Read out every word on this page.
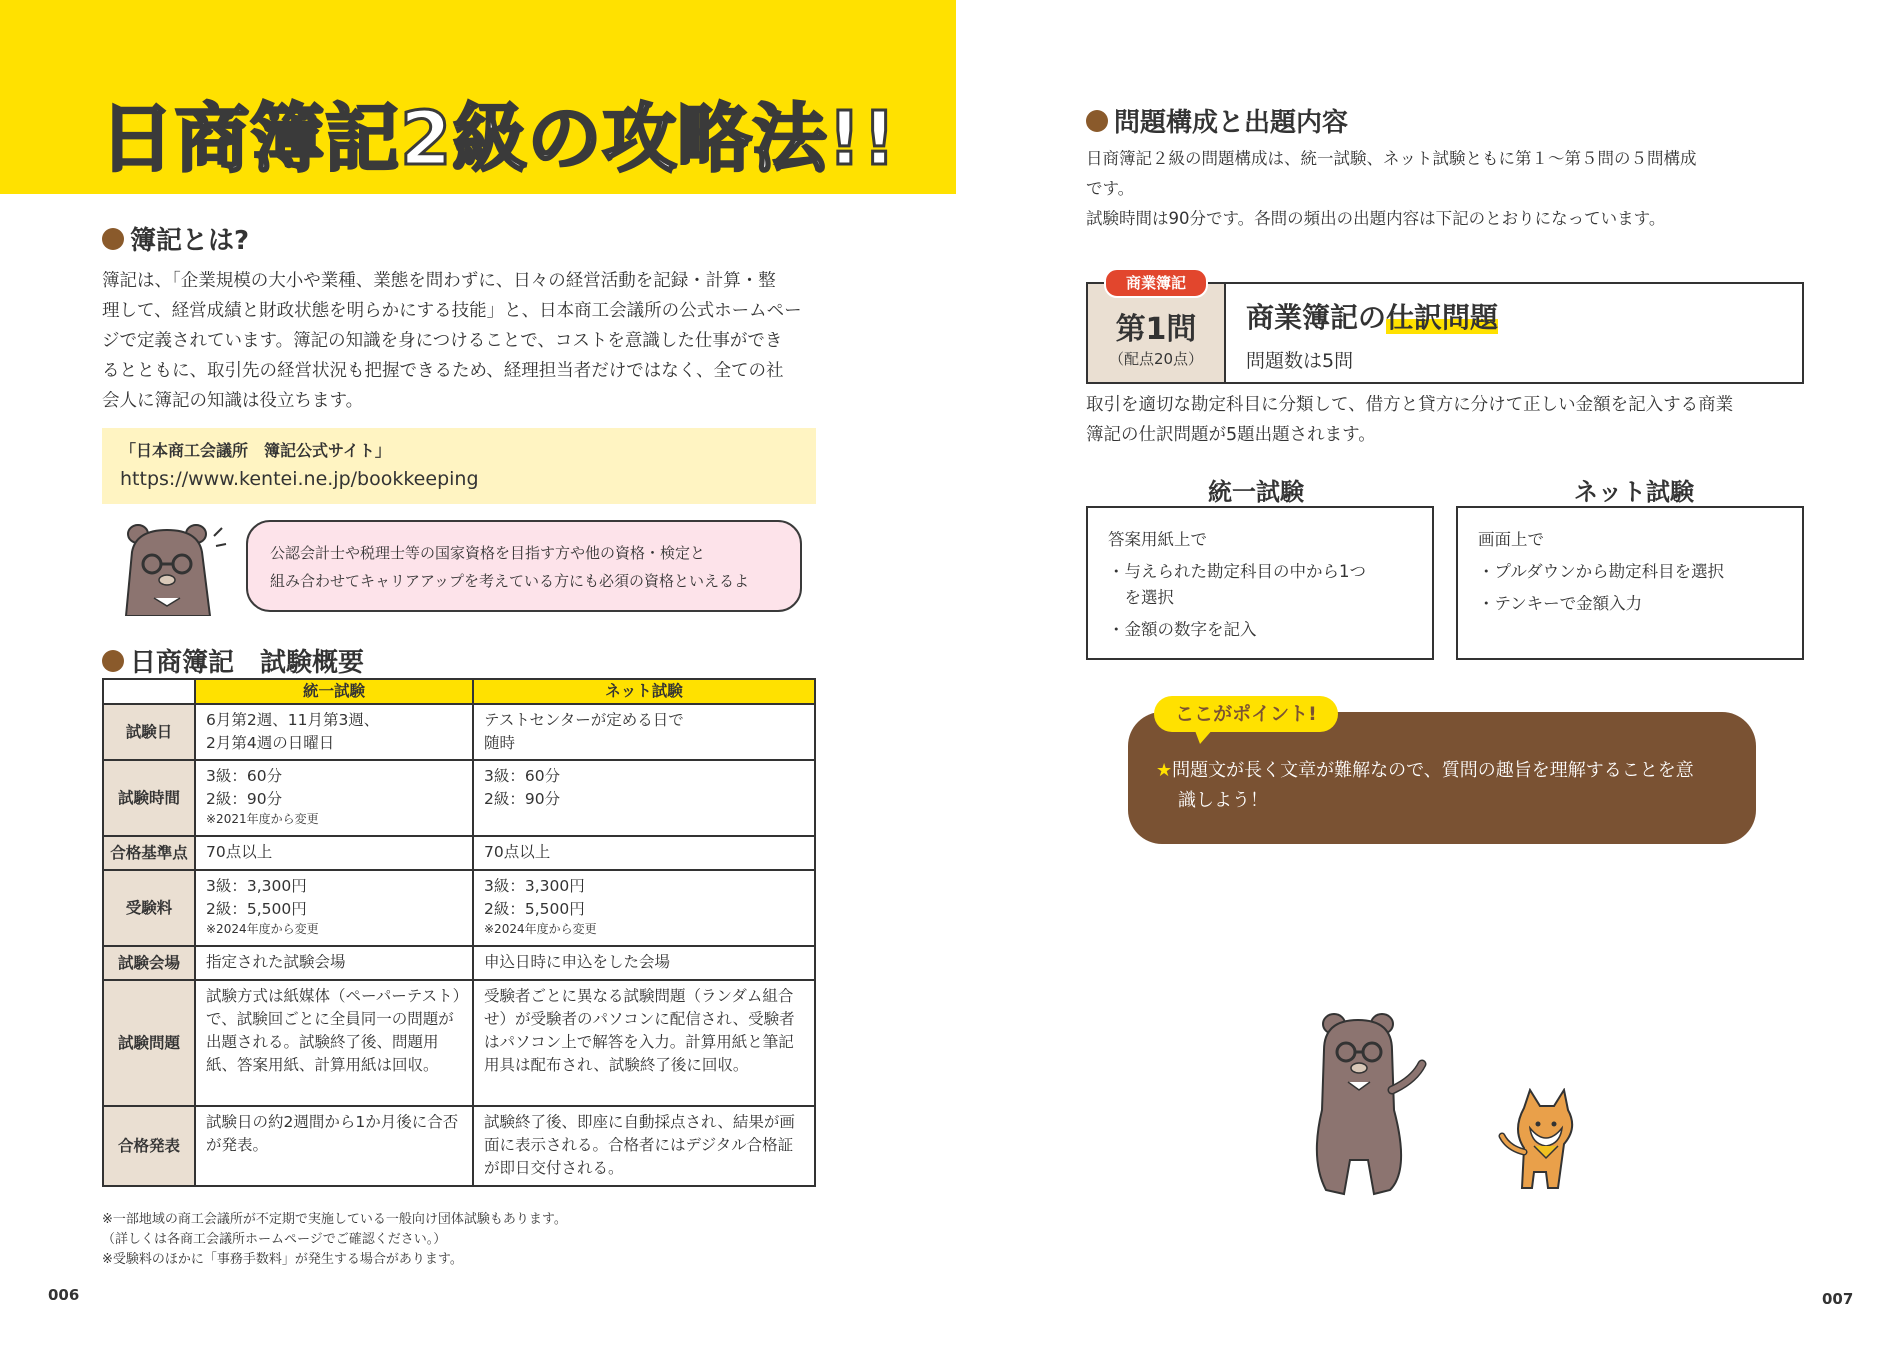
日商簿記2級の攻略法!!
簿記とは?
簿記は、「企業規模の大小や業種、業態を問わずに、日々の経営活動を記録・計算・整
理して、経営成績と財政状態を明らかにする技能」と、日本商工会議所の公式ホームペー
ジで定義されています。簿記の知識を身につけることで、コストを意識した仕事ができ
るとともに、取引先の経営状況も把握できるため、経理担当者だけではなく、全ての社
会人に簿記の知識は役立ちます。
「日本商工会議所　簿記公式サイト」
https://www.kentei.ne.jp/bookkeeping
公認会計士や税理士等の国家資格を目指す方や他の資格・検定と
組み合わせてキャリアアップを考えている方にも必須の資格といえるよ
日商簿記　試験概要
	統一試験	ネット試験
試験日	6月第2週、11月第3週、
2月第4週の日曜日	テストセンターが定める日で
随時
試験時間	3級：60分
2級：90分
※2021年度から変更	3級：60分
2級：90分
合格基準点	70点以上	70点以上
受験料	3級：3,300円
2級：5,500円
※2024年度から変更	3級：3,300円
2級：5,500円
※2024年度から変更

試験会場	指定された試験会場	申込日時に申込をした会場
試験問題	試験方式は紙媒体（ペーパーテスト）で、試験回ごとに全員同一の問題が出題される。試験終了後、問題用紙、答案用紙、計算用紙は回収。	受験者ごとに異なる試験問題（ランダム組合せ）が受験者のパソコンに配信され、受験者はパソコン上で解答を入力。計算用紙と筆記用具は配布され、試験終了後に回収。
合格発表	試験日の約2週間から1か月後に合否が発表。	試験終了後、即座に自動採点され、結果が画面に表示される。合格者にはデジタル合格証が即日交付される。
※一部地域の商工会議所が不定期で実施している一般向け団体試験もあります。
（詳しくは各商工会議所ホームページでご確認ください。）
※受験料のほかに「事務手数料」が発生する場合があります。
006
問題構成と出題内容
日商簿記２級の問題構成は、統一試験、ネット試験ともに第１～第５問の５問構成
です。
試験時間は90分です。各問の頻出の出題内容は下記のとおりになっています。
第1問
（配点20点）
商業簿記の仕訳問題
問題数は5問
商業簿記
取引を適切な勘定科目に分類して、借方と貸方に分けて正しい金額を記入する商業
簿記の仕訳問題が5題出題されます。
統一試験
答案用紙上で
・与えられた勘定科目の中から1つ
　を選択
・金額の数字を記入
ネット試験
画面上で
・プルダウンから勘定科目を選択
・テンキーで金額入力
★問題文が長く文章が難解なので、質問の趣旨を理解することを意
識しよう！
ここがポイント!
007
